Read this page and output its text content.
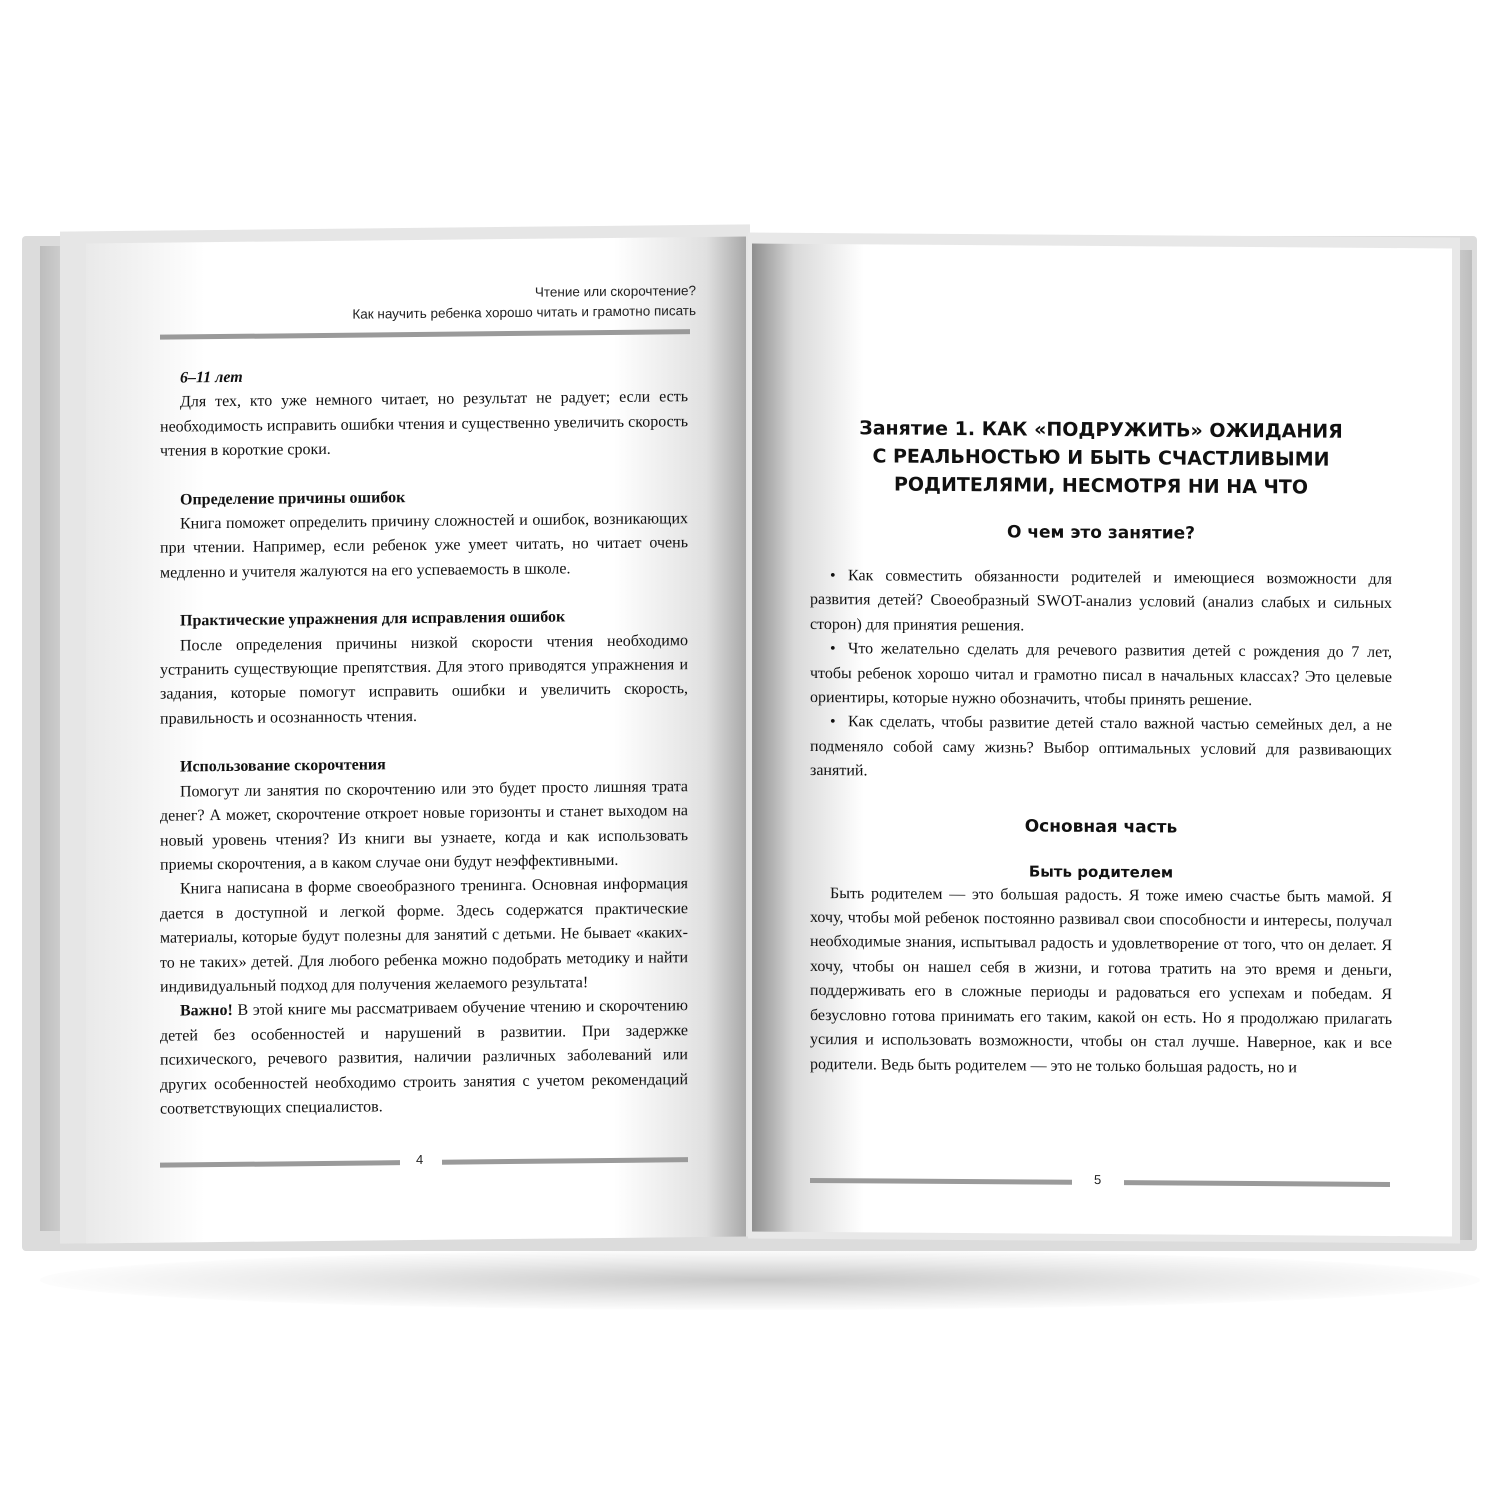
Чтение или скорочтение?
Как научить ребенка хорошо читать и грамотно писать

6–11 лет

Для тех, кто уже немного читает, но результат не радует; если есть необходимость исправить ошибки чтения и существенно увеличить скорость чтения в короткие сроки.

Определение причины ошибок

Книга поможет определить причину сложностей и ошибок, возникающих при чтении. Например, если ребенок уже умеет читать, но читает очень медленно и учителя жалуются на его успеваемость в школе.

Практические упражнения для исправления ошибок

После определения причины низкой скорости чтения необходимо устранить существующие препятствия. Для этого приводятся упражнения и задания, которые помогут исправить ошибки и увеличить скорость, правильность и осознанность чтения.

Использование скорочтения

Помогут ли занятия по скорочтению или это будет просто лишняя трата денег? А может, скорочтение откроет новые горизонты и станет выходом на новый уровень чтения? Из книги вы узнаете, когда и как использовать приемы скорочтения, а в каком случае они будут неэффективными.

Книга написана в форме своеобразного тренинга. Основная информация дается в доступной и легкой форме. Здесь содержатся практические материалы, которые будут полезны для занятий с детьми. Не бывает «каких-то не таких» детей. Для любого ребенка можно подобрать методику и найти индивидуальный подход для получения желаемого результата!

Важно! В этой книге мы рассматриваем обучение чтению и скорочтению детей без особенностей и нарушений в развитии. При задержке психического, речевого развития, наличии различных заболеваний или других особенностей необходимо строить занятия с учетом рекомендаций соответствующих специалистов.

4
Занятие 1. КАК «ПОДРУЖИТЬ» ОЖИДАНИЯ
С РЕАЛЬНОСТЬЮ И БЫТЬ СЧАСТЛИВЫМИ
РОДИТЕЛЯМИ, НЕСМОТРЯ НИ НА ЧТО
О чем это занятие?
• Как совместить обязанности родителей и имеющиеся возможности для развития детей? Своеобразный SWOT-анализ условий (анализ слабых и сильных сторон) для принятия решения.
• Что желательно сделать для речевого развития детей с рождения до 7 лет, чтобы ребенок хорошо читал и грамотно писал в начальных классах? Это целевые ориентиры, которые нужно обозначить, чтобы принять решение.
• Как сделать, чтобы развитие детей стало важной частью семейных дел, а не подменяло собой саму жизнь? Выбор оптимальных условий для развивающих занятий.
Основная часть
Быть родителем

Быть родителем — это большая радость. Я тоже имею счастье быть мамой. Я хочу, чтобы мой ребенок постоянно развивал свои способности и интересы, получал необходимые знания, испытывал радость и удовлетворение от того, что он делает. Я хочу, чтобы он нашел себя в жизни, и готова тратить на это время и деньги, поддерживать его в сложные периоды и радоваться его успехам и победам. Я безусловно готова принимать его таким, какой он есть. Но я продолжаю прилагать усилия и использовать возможности, чтобы он стал лучше. Наверное, как и все родители. Ведь быть родителем — это не только большая радость, но и

5
